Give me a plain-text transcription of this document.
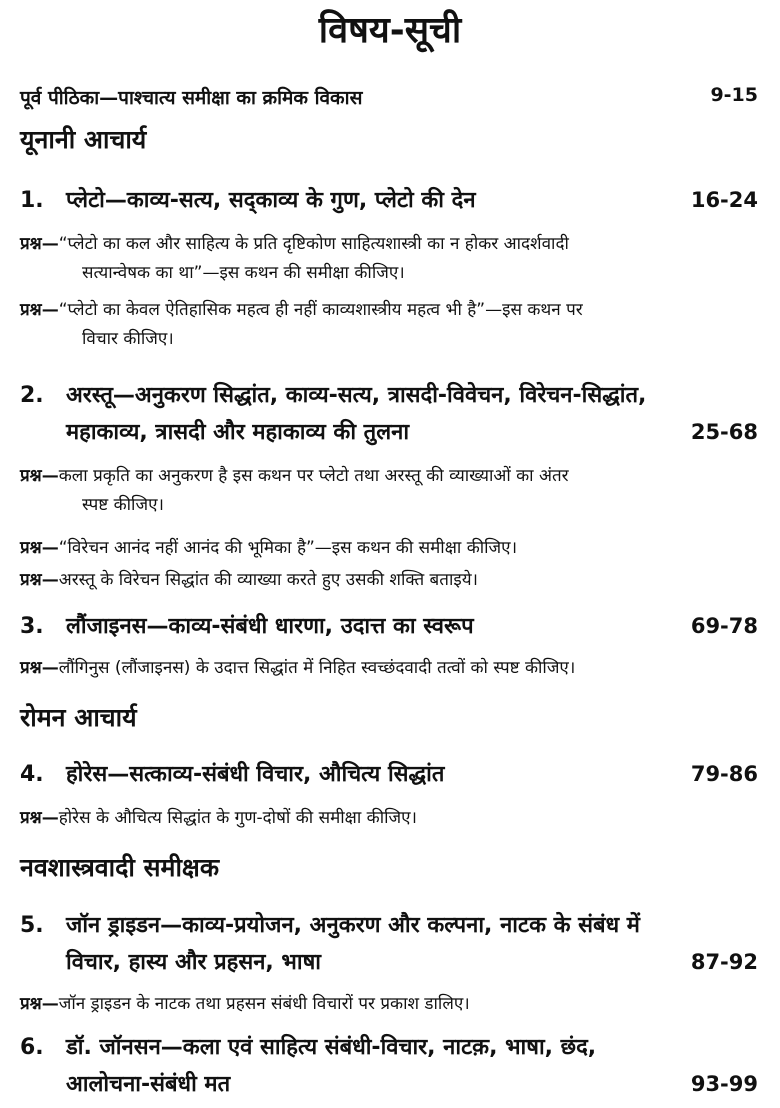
विषय-सूची
पूर्व पीठिका—पाश्चात्य समीक्षा का क्रमिक विकास	9-15
यूनानी आचार्य
1. प्लेटो—काव्य-सत्य, सद्काव्य के गुण, प्लेटो की देन	16-24
प्रश्न—“प्लेटो का कल और साहित्य के प्रति दृष्टिकोण साहित्यशास्त्री का न होकर आदर्शवादी
सत्यान्वेषक का था”—इस कथन की समीक्षा कीजिए।
प्रश्न—“प्लेटो का केवल ऐतिहासिक महत्व ही नहीं काव्यशास्त्रीय महत्व भी है”—इस कथन पर
विचार कीजिए।
2. अरस्तू—अनुकरण सिद्धांत, काव्य-सत्य, त्रासदी-विवेचन, विरेचन-सिद्धांत,
महाकाव्य, त्रासदी और महाकाव्य की तुलना	25-68
प्रश्न—कला प्रकृति का अनुकरण है इस कथन पर प्लेटो तथा अरस्तू की व्याख्याओं का अंतर
स्पष्ट कीजिए।
प्रश्न—“विरेचन आनंद नहीं आनंद की भूमिका है”—इस कथन की समीक्षा कीजिए।
प्रश्न—अरस्तू के विरेचन सिद्धांत की व्याख्या करते हुए उसकी शक्ति बताइये।
3. लौंजाइनस—काव्य-संबंधी धारणा, उदात्त का स्वरूप	69-78
प्रश्न—लौंगिनुस (लौंजाइनस) के उदात्त सिद्धांत में निहित स्वच्छंदवादी तत्वों को स्पष्ट कीजिए।
रोमन आचार्य
4. होरेस—सत्काव्य-संबंधी विचार, औचित्य सिद्धांत	79-86
प्रश्न—होरेस के औचित्य सिद्धांत के गुण-दोषों की समीक्षा कीजिए।
नवशास्त्रवादी समीक्षक
5. जॉन ड्राइडन—काव्य-प्रयोजन, अनुकरण और कल्पना, नाटक के संबंध में
विचार, हास्य और प्रहसन, भाषा	87-92
प्रश्न—जॉन ड्राइडन के नाटक तथा प्रहसन संबंधी विचारों पर प्रकाश डालिए।
6. डॉ. जॉनसन—कला एवं साहित्य संबंधी-विचार, नाटक़, भाषा, छंद,
आलोचना-संबंधी मत	93-99
